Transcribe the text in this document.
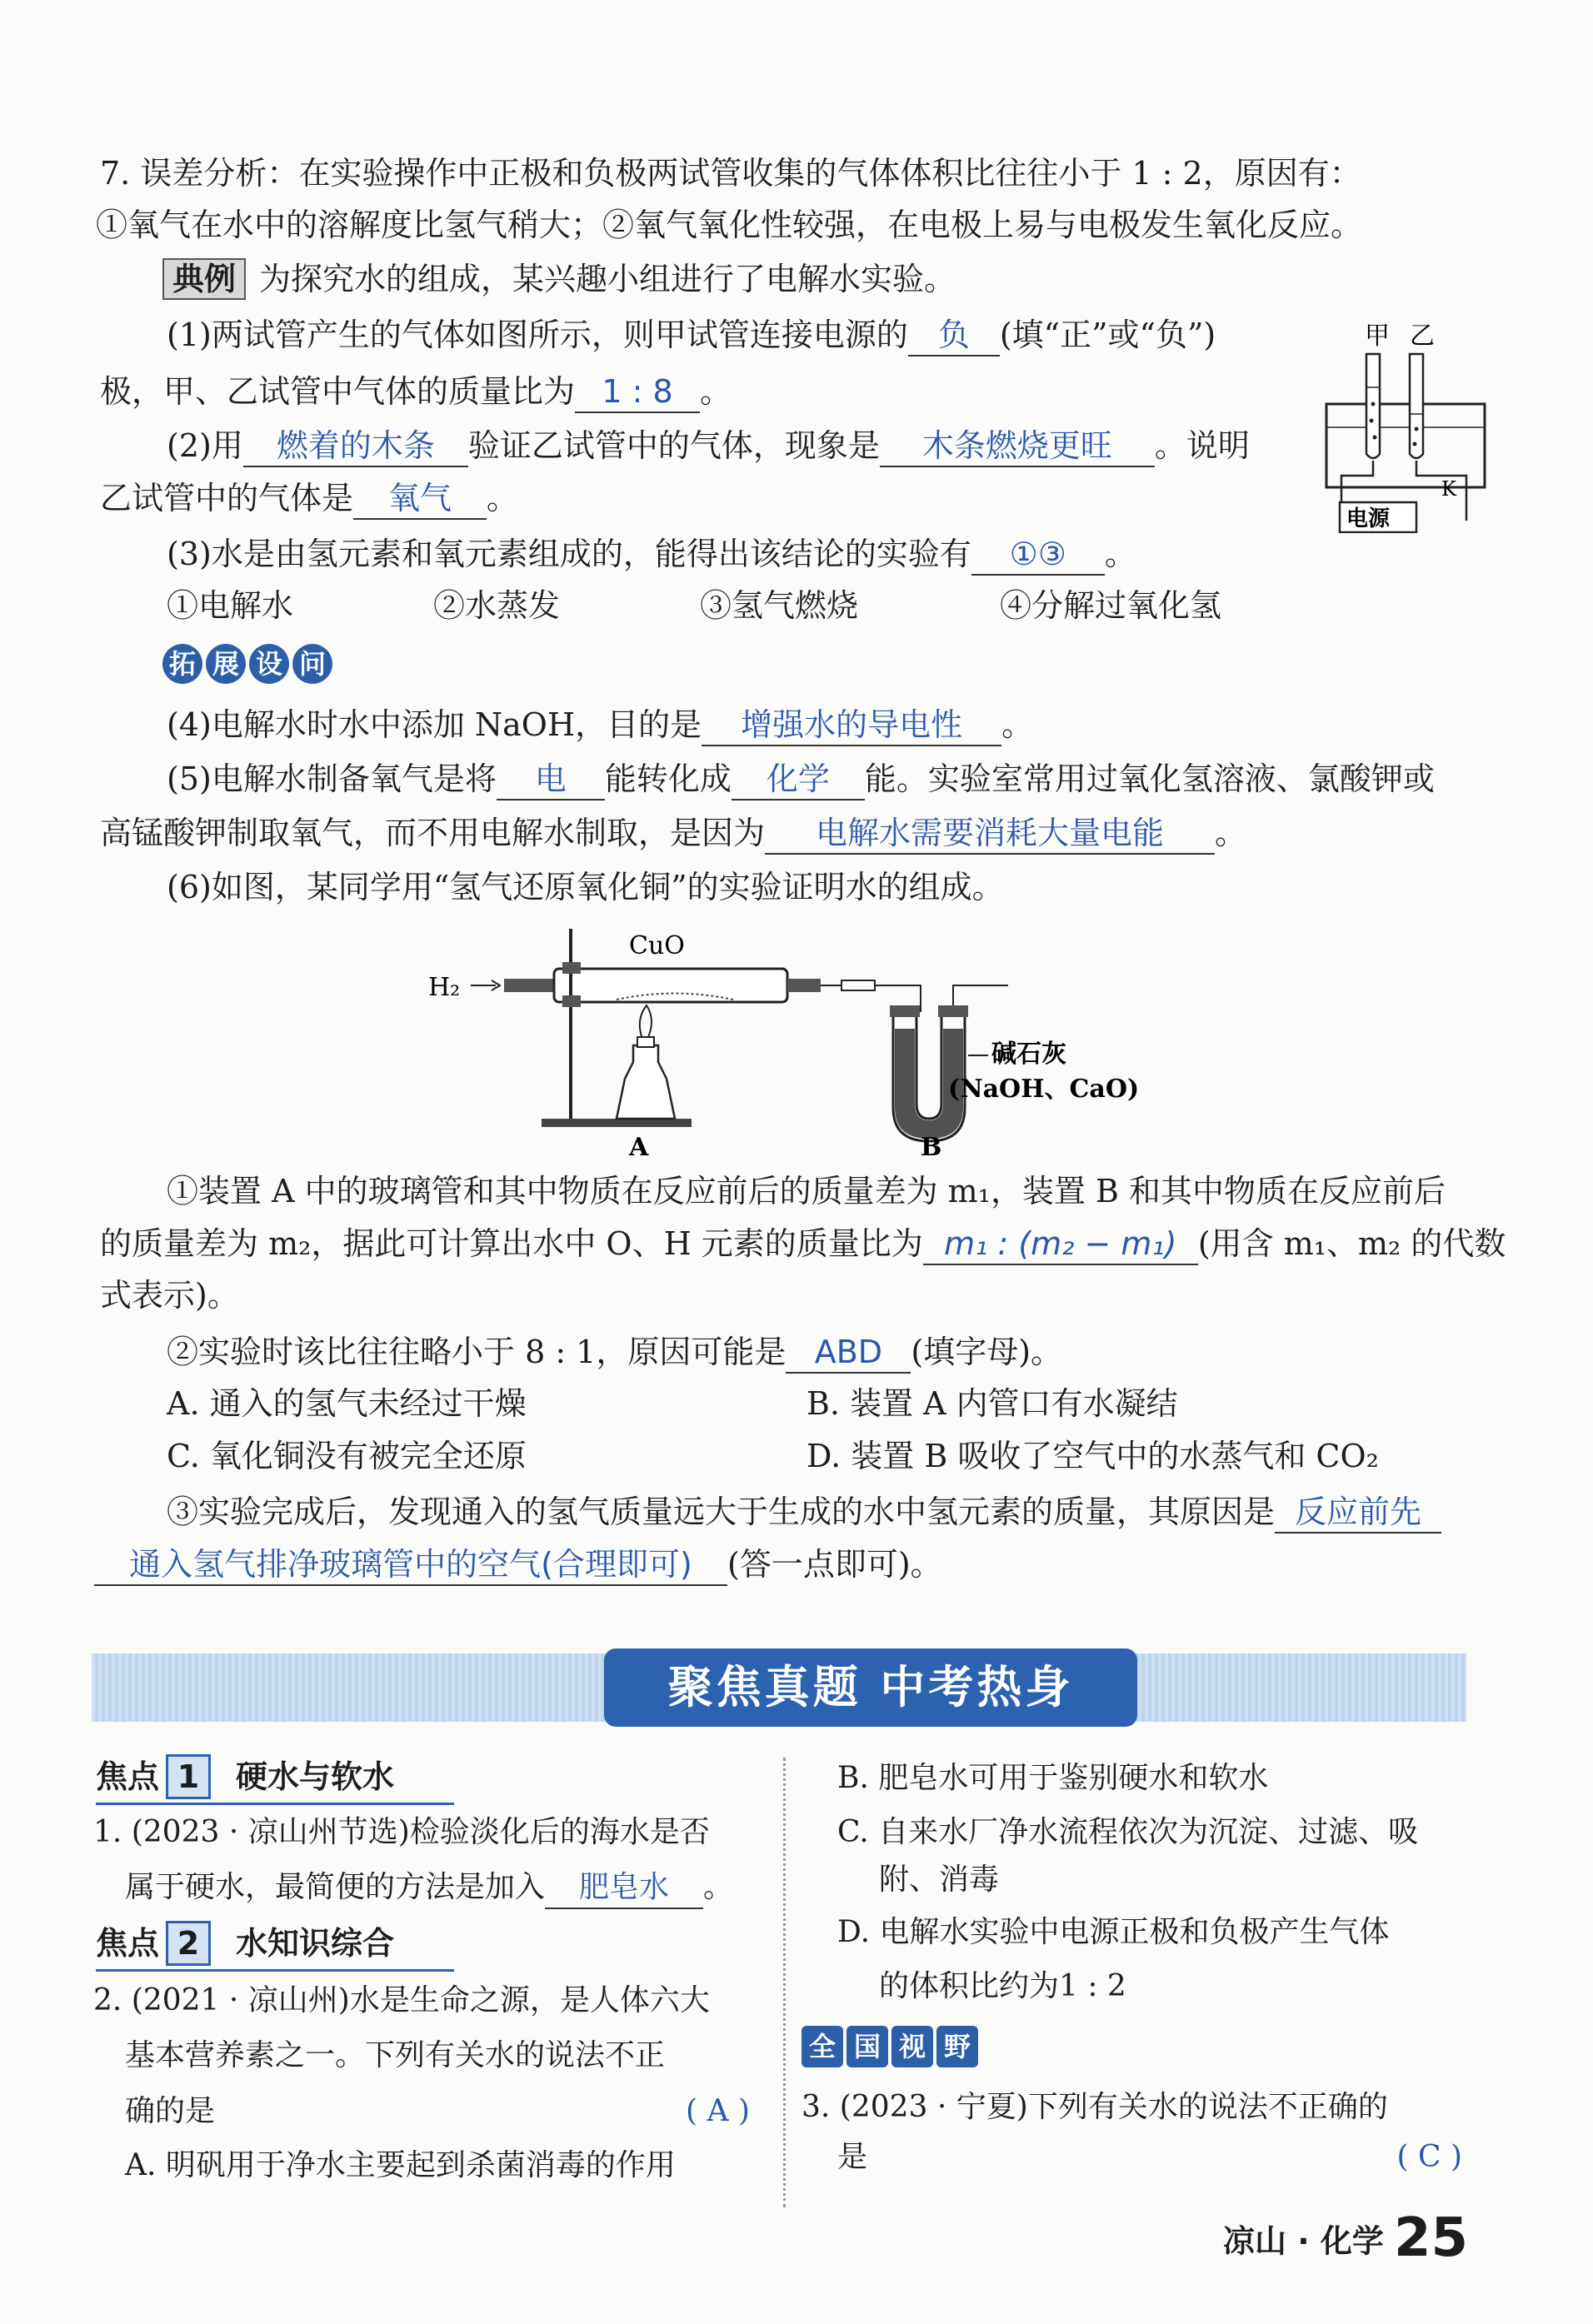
7. 误差分析：在实验操作中正极和负极两试管收集的气体体积比往往小于 1 : 2，原因有：
①氧气在水中的溶解度比氢气稍大；②氧气氧化性较强，在电极上易与电极发生氧化反应。
典例 为探究水的组成，某兴趣小组进行了电解水实验。
(1)两试管产生的气体如图所示，则甲试管连接电源的 负 (填“正”或“负”)
极，甲、乙试管中气体的质量比为 1 : 8 。
(2)用 燃着的木条 验证乙试管中的气体，现象是 木条燃烧更旺 。说明
乙试管中的气体是 氧气 。
(3)水是由氢元素和氧元素组成的，能得出该结论的实验有 ①③ 。
①电解水	②水蒸发	③氢气燃烧	④分解过氧化氢
甲 乙
K
电源
拓 展 设 问
(4)电解水时水中添加 NaOH，目的是 增强水的导电性 。
(5)电解水制备氧气是将 电 能转化成 化学 能。实验室常用过氧化氢溶液、氯酸钾或
高锰酸钾制取氧气，而不用电解水制取，是因为 电解水需要消耗大量电能 。
(6)如图，某同学用“氢气还原氧化铜”的实验证明水的组成。
H₂
CuO
碱石灰
(NaOH、CaO)
A	B
①装置 A 中的玻璃管和其中物质在反应前后的质量差为 m₁，装置 B 和其中物质在反应前后
的质量差为 m₂，据此可计算出水中 O、H 元素的质量比为 m₁ : (m₂ − m₁) (用含 m₁、m₂ 的代数
式表示)。
②实验时该比往往略小于 8 : 1，原因可能是 ABD (填字母)。
A. 通入的氢气未经过干燥	B. 装置 A 内管口有水凝结
C. 氧化铜没有被完全还原	D. 装置 B 吸收了空气中的水蒸气和 CO₂
③实验完成后，发现通入的氢气质量远大于生成的水中氢元素的质量，其原因是 反应前先
通入氢气排净玻璃管中的空气(合理即可) (答一点即可)。
聚焦真题 中考热身
焦点 1 硬水与软水
1. (2023 · 凉山州节选)检验淡化后的海水是否
属于硬水，最简便的方法是加入 肥皂水 。
焦点 2 水知识综合
2. (2021 · 凉山州)水是生命之源，是人体六大
基本营养素之一。下列有关水的说法不正
确的是	( A )
A. 明矾用于净水主要起到杀菌消毒的作用
B. 肥皂水可用于鉴别硬水和软水
C. 自来水厂净水流程依次为沉淀、过滤、吸
附、消毒
D. 电解水实验中电源正极和负极产生气体
的体积比约为1 : 2
全 国 视 野
3. (2023 · 宁夏)下列有关水的说法不正确的
是	( C )
凉山 · 化学 25
